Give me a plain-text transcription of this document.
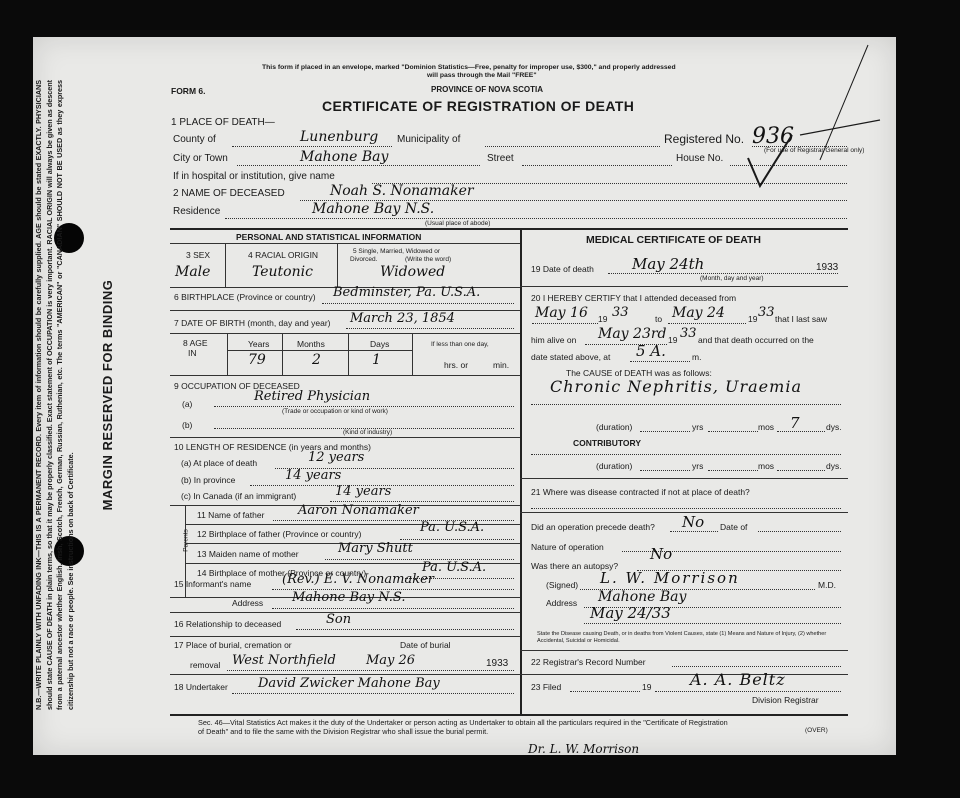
N.B.—WRITE PLAINLY WITH UNFADING INK—THIS IS A PERMANENT RECORD. Every item of information should be carefully supplied. AGE should be stated EXACTLY. PHYSICIANS should state CAUSE OF DEATH in plain terms, so that it may be properly classified. Exact statement of OCCUPATION is very important. RACIAL ORIGIN will always be given as descent from a paternal ancestor whether English, Irish, Scotch, French, German, Russian, Ruthenian, etc. The terms "AMERICAN" or "CANADIAN" SHOULD NOT BE USED as they express citizenship but not a race or people. See instructions on back of Certificate.
MARGIN RESERVED FOR BINDING
This form if placed in an envelope, marked "Dominion Statistics—Free, penalty for improper use, $300," and properly addressed
will pass through the Mail "FREE"
PROVINCE OF NOVA SCOTIA
FORM 6.
CERTIFICATE OF REGISTRATION OF DEATH
1 PLACE OF DEATH—
County of	Lunenburg Municipality of	Registered No. 936
(For use of Registrar General only)
City or Town	Mahone Bay	Street	House No.
If in hospital or institution, give name
2 NAME OF DECEASED	Noah S. Nonamaker
Residence	Mahone Bay N.S.
(Usual place of abode)
PERSONAL AND STATISTICAL INFORMATION
3 SEX	4 RACIAL ORIGIN	5 Single, Married, Widowed or
Divorced.	(Write the word)
Male	Teutonic	Widowed
6 BIRTHPLACE (Province or country) Bedminster, Pa. U.S.A.
7 DATE OF BIRTH (month, day and year) March 23, 1854
8 AGE
IN
Years	Months	Days	If less than one day,
79	2	1	hrs. or	min.
9 OCCUPATION OF DECEASED
(a)	Retired Physician
(Trade or occupation or kind of work)
(b)
(Kind of industry)
10 LENGTH OF RESIDENCE (in years and months)
(a) At place of death	12 years
(b) In province	14 years
(c) In Canada (if an immigrant)	14 years
Parents
11 Name of father	Aaron Nonamaker
12 Birthplace of father (Province or country)	Pa. U.S.A.
13 Maiden name of mother	Mary Shutt
14 Birthplace of mother (Province or country)	Pa. U.S.A.
15 Informant's name (Rev.) E. V. Nonamaker
Address Mahone Bay N.S.
16 Relationship to deceased	Son
17 Place of burial, cremation or	Date of burial
removal West Northfield May 26	1933
18 Undertaker David Zwicker Mahone Bay
MEDICAL CERTIFICATE OF DEATH
19 Date of death	May 24th	1933
(Month, day and year)
20 I HEREBY CERTIFY that I attended deceased from
May 16 19 33	to May 24	19 33 that I last saw
him alive on May 23rd 19 33 and that death occurred on the
date stated above, at 5 A.	m.
The CAUSE of DEATH was as follows:
Chronic Nephritis, Uraemia
(duration)	yrs	mos 7	dys.
CONTRIBUTORY
(duration)	yrs	mos	dys.
21 Where was disease contracted if not at place of death?
Did an operation precede death? No Date of
Nature of operation
Was there an autopsy?
No
(Signed) L. W. Morrison	M.D.
Address Mahone Bay
May 24/33
State the Disease causing Death, or in deaths from Violent Causes, state (1) Means and Nature of Injury, (2) whether Accidental, Suicidal or Homicidal.
22 Registrar's Record Number
23 Filed	19 A. A. Beltz
Division Registrar
Sec. 46—Vital Statistics Act makes it the duty of the Undertaker or person acting as Undertaker to obtain all the particulars required in the "Certificate of Registration
of Death" and to file the same with the Division Registrar who shall issue the burial permit.	(OVER)
Dr. L. W. Morrison
